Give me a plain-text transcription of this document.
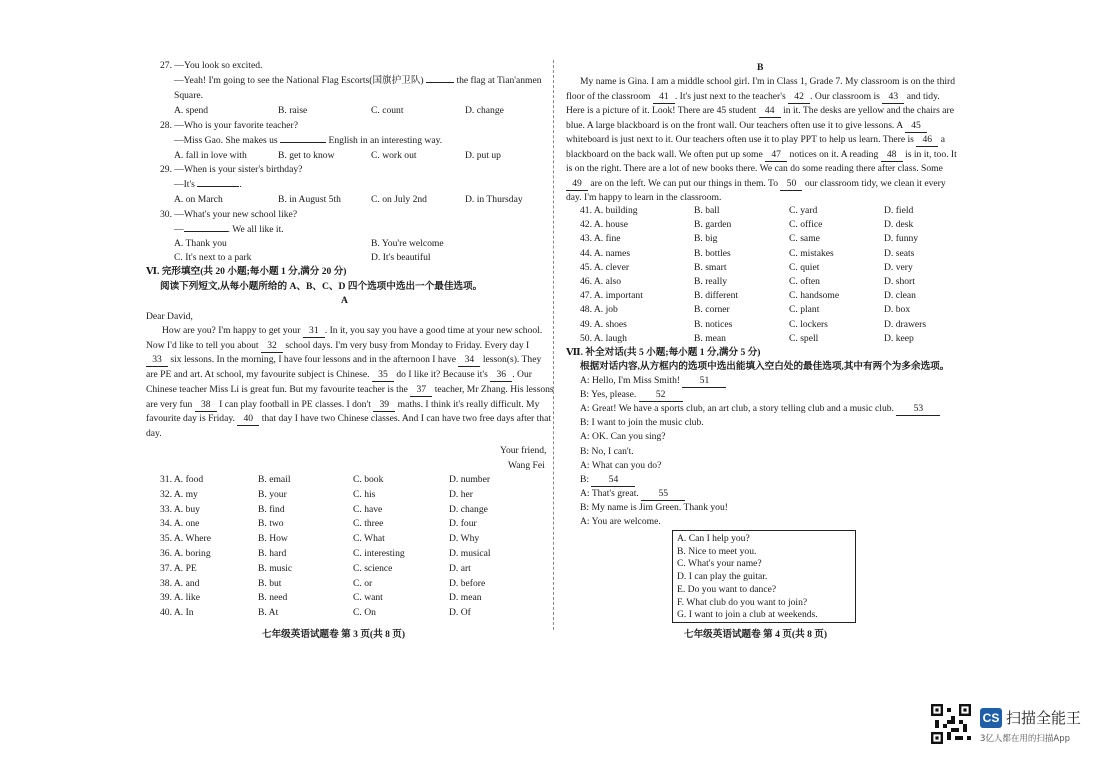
27. —You look so excited.
—Yeah! I'm going to see the National Flag Escorts(国旗护卫队)	the flag at Tian'anmen
Square.
A. spend	B. raise	C. count	D. change
28. —Who is your favorite teacher?
—Miss Gao. She makes us	English in an interesting way.
A. fall in love with	B. get to know	C. work out	D. put up
29. —When is your sister's birthday?
—It's	.
A. on March	B. in August 5th	C. on July 2nd	D. in Thursday
30. —What's your new school like?
—	. We all like it.
A. Thank you	B. You're welcome
C. It's next to a park	D. It's beautiful
Ⅵ. 完形填空(共 20 小题;每小题 1 分,满分 20 分)
阅读下列短文,从每小题所给的 A、B、C、D 四个选项中选出一个最佳选项。
A
Dear David,
How are you? I'm happy to get your 31 . In it, you say you have a good time at your new school.
Now I'd like to tell you about 32 school days. I'm very busy from Monday to Friday. Every day I
33 six lessons. In the morning, I have four lessons and in the afternoon I have 34 lesson(s). They
are PE and art. At school, my favourite subject is Chinese. 35 do I like it? Because it's 36 . Our
Chinese teacher Miss Li is great fun. But my favourite teacher is the 37 teacher, Mr Zhang. His lessons
are very fun 38 I can play football in PE classes. I don't 39 maths. I think it's really difficult. My
favourite day is Friday. 40 that day I have two Chinese classes. And I can have two free days after that
day.
Your friend,
Wang Fei
31. A. food	B. email	C. book	D. number
32. A. my	B. your	C. his	D. her
33. A. buy	B. find	C. have	D. change
34. A. one	B. two	C. three	D. four
35. A. Where	B. How	C. What	D. Why
36. A. boring	B. hard	C. interesting	D. musical
37. A. PE	B. music	C. science	D. art
38. A. and	B. but	C. or	D. before
39. A. like	B. need	C. want	D. mean
40. A. In	B. At	C. On	D. Of
七年级英语试题卷 第 3 页(共 8 页)
B
My name is Gina. I am a middle school girl. I'm in Class 1, Grade 7. My classroom is on the third
floor of the classroom 41 . It's just next to the teacher's 42 . Our classroom is 43 and tidy.
Here is a picture of it. Look! There are 45 student 44 in it. The desks are yellow and the chairs are
blue. A large blackboard is on the front wall. Our teachers often use it to give lessons. A 45
whiteboard is just next to it. Our teachers often use it to play PPT to help us learn. There is 46 a
blackboard on the back wall. We often put up some 47 notices on it. A reading 48 is in it, too. It
is on the right. There are a lot of new books there. We can do some reading there after class. Some
49 are on the left. We can put our things in them. To 50 our classroom tidy, we clean it every
day. I'm happy to learn in the classroom.
41. A. building	B. ball	C. yard	D. field
42. A. house	B. garden	C. office	D. desk
43. A. fine	B. big	C. same	D. funny
44. A. names	B. bottles	C. mistakes	D. seats
45. A. clever	B. smart	C. quiet	D. very
46. A. also	B. really	C. often	D. short
47. A. important	B. different	C. handsome	D. clean
48. A. job	B. corner	C. plant	D. box
49. A. shoes	B. notices	C. lockers	D. drawers
50. A. laugh	B. mean	C. spell	D. keep
Ⅶ. 补全对话(共 5 小题;每小题 1 分,满分 5 分)
根据对话内容,从方框内的选项中选出能填入空白处的最佳选项,其中有两个为多余选项。
A: Hello, I'm Miss Smith! 51
B: Yes, please. 52
A: Great! We have a sports club, an art club, a story telling club and a music club. 53
B: I want to join the music club.
A: OK. Can you sing?
B: No, I can't.
A: What can you do?
B: 54
A: That's great. 55
B: My name is Jim Green. Thank you!
A: You are welcome.
A. Can I help you?
B. Nice to meet you.
C. What's your name?
D. I can play the guitar.
E. Do you want to dance?
F. What club do you want to join?
G. I want to join a club at weekends.
七年级英语试题卷 第 4 页(共 8 页)
CS 扫描全能王
3亿人都在用的扫描App
